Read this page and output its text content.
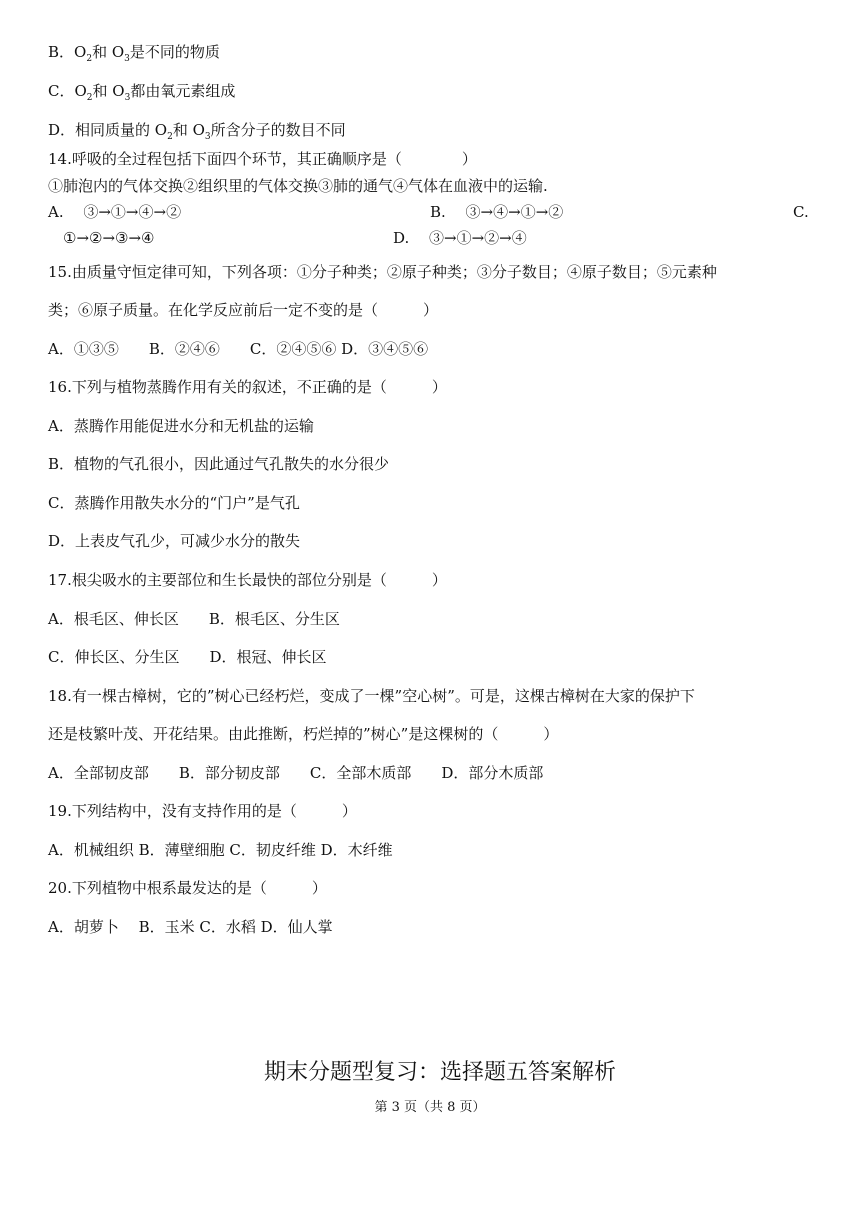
B．$O_2$和 $O_3$是不同的物质
C．$O_2$和 $O_3$都由氧元素组成
D．相同质量的 $O_2$和 $O_3$所含分子的数目不同
14.呼吸的全过程包括下面四个环节，其正确顺序是（　　　　）
①肺泡内的气体交换②组织里的气体交换③肺的通气④气体在血液中的运输.
A.　 ③→①→④→②	B.　 ③→④→①→②	C.
①→②→③→④	D.　 ③→①→②→④
15.由质量守恒定律可知，下列各项：①分子种类；②原子种类；③分子数目；④原子数目；⑤元素种
类；⑥原子质量。在化学反应前后一定不变的是（　　　）
A．①③⑤　　B．②④⑥　　C．②④⑤⑥ D．③④⑤⑥
16.下列与植物蒸腾作用有关的叙述，不正确的是（　　　）
A．蒸腾作用能促进水分和无机盐的运输
B．植物的气孔很小，因此通过气孔散失的水分很少
C．蒸腾作用散失水分的“门户”是气孔
D．上表皮气孔少，可减少水分的散失
17.根尖吸水的主要部位和生长最快的部位分别是（　　　）
A．根毛区、伸长区　　B．根毛区、分生区
C．伸长区、分生区　　D．根冠、伸长区
18.有一棵古樟树，它的”树心已经朽烂，变成了一棵”空心树”。可是，这棵古樟树在大家的保护下
还是枝繁叶茂、开花结果。由此推断，朽烂掉的”树心”是这棵树的（　　　）
A．全部韧皮部　　B．部分韧皮部　　C．全部木质部　　D．部分木质部
19.下列结构中，没有支持作用的是（　　　）
A．机械组织 B．薄壁细胞 C．韧皮纤维 D．木纤维
20.下列植物中根系最发达的是（　　　）
A．胡萝卜　 B．玉米 C．水稻 D．仙人掌
期末分题型复习：选择题五答案解析
第 3 页（共 8 页）
